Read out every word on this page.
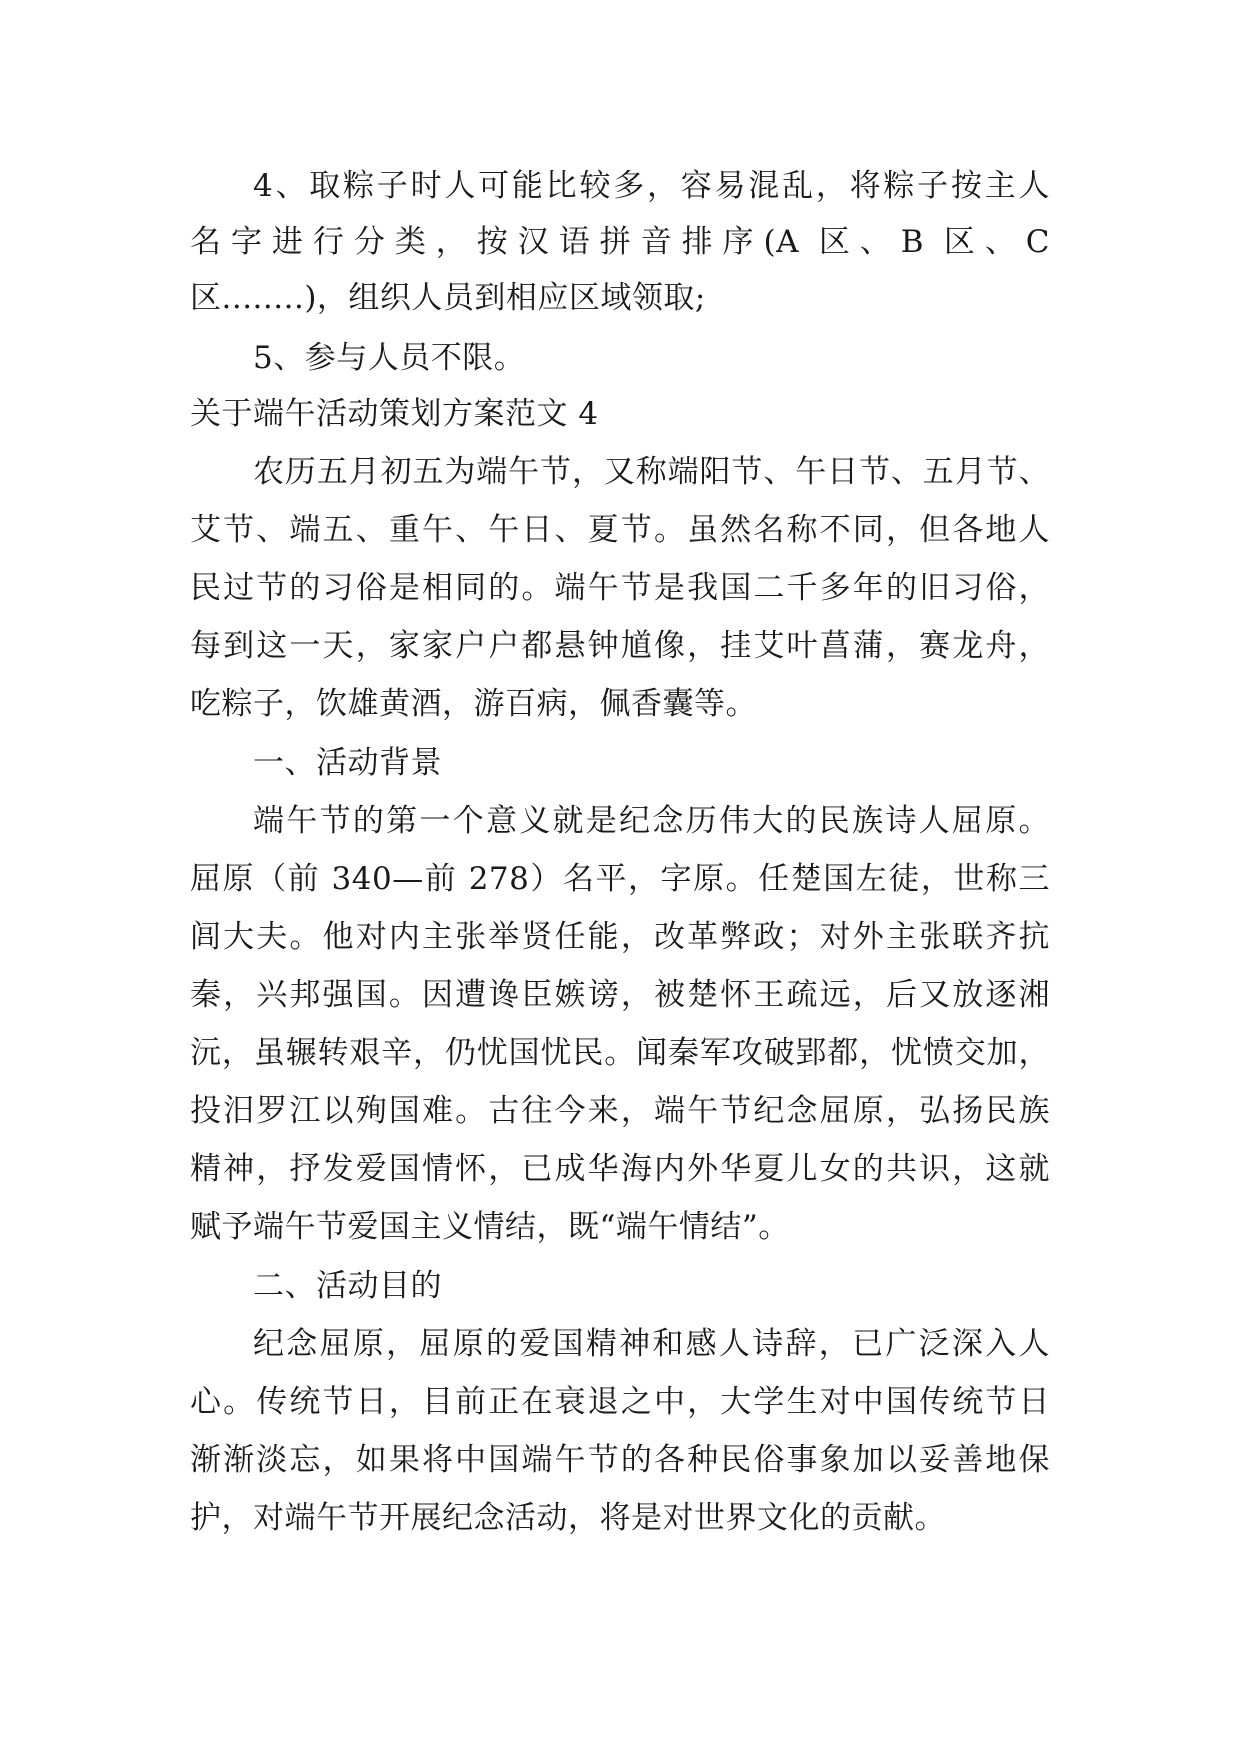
4、取粽子时人可能比较多，容易混乱，将粽子按主人
名字进行分类，按汉语拼音排序(A 区、B 区、C
区........)，组织人员到相应区域领取;
5、参与人员不限。
关于端午活动策划方案范文 4
农历五月初五为端午节，又称端阳节、午日节、五月节、
艾节、端五、重午、午日、夏节。虽然名称不同，但各地人
民过节的习俗是相同的。端午节是我国二千多年的旧习俗，
每到这一天，家家户户都悬钟馗像，挂艾叶菖蒲，赛龙舟，
吃粽子，饮雄黄酒，游百病，佩香囊等。
一、活动背景
端午节的第一个意义就是纪念历伟大的民族诗人屈原。
屈原（前 340—前 278）名平，字原。任楚国左徒，世称三
闾大夫。他对内主张举贤任能，改革弊政；对外主张联齐抗
秦，兴邦强国。因遭谗臣嫉谤，被楚怀王疏远，后又放逐湘
沅，虽辗转艰辛，仍忧国忧民。闻秦军攻破郢都，忧愤交加，
投汨罗江以殉国难。古往今来，端午节纪念屈原，弘扬民族
精神，抒发爱国情怀，已成华海内外华夏儿女的共识，这就
赋予端午节爱国主义情结，既“端午情结”。
二、活动目的
纪念屈原，屈原的爱国精神和感人诗辞，已广泛深入人
心。传统节日，目前正在衰退之中，大学生对中国传统节日
渐渐淡忘，如果将中国端午节的各种民俗事象加以妥善地保
护，对端午节开展纪念活动，将是对世界文化的贡献。
